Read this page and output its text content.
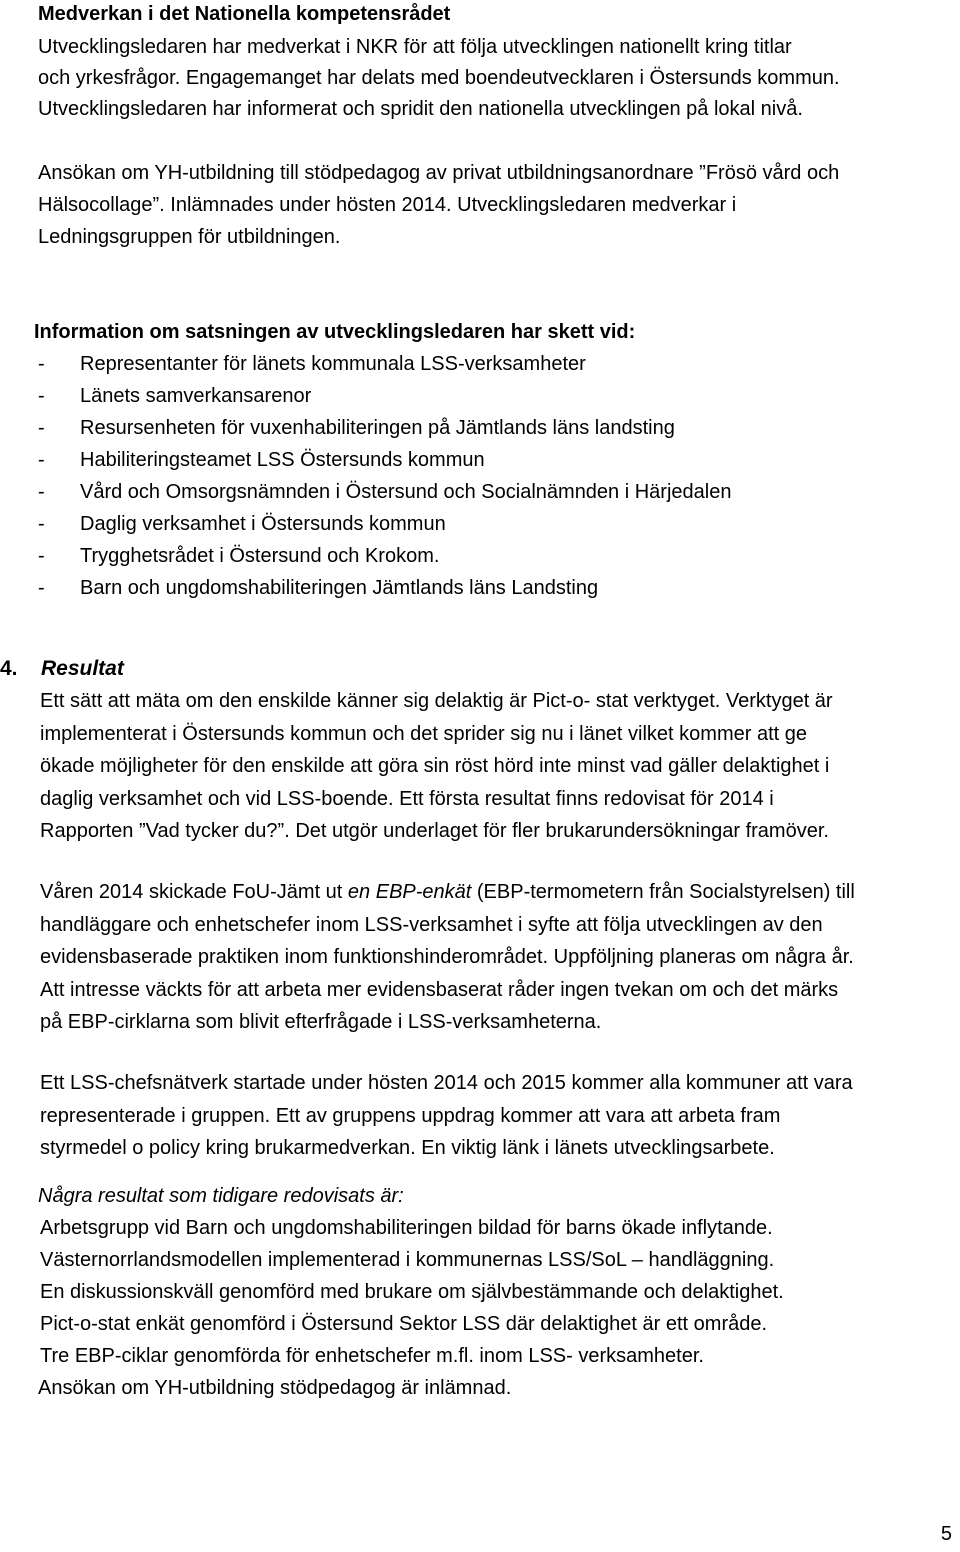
Medverkan i det Nationella kompetensrådet
Utvecklingsledaren har medverkat i NKR för att följa utvecklingen nationellt kring titlar
och yrkesfrågor. Engagemanget har delats med boendeutvecklaren i Östersunds kommun.
Utvecklingsledaren har informerat och spridit den nationella utvecklingen på lokal nivå.
Ansökan om YH-utbildning till stödpedagog av privat utbildningsanordnare ”Frösö vård och
Hälsocollage”. Inlämnades under hösten 2014. Utvecklingsledaren medverkar i
Ledningsgruppen för utbildningen.
Information om satsningen av utvecklingsledaren har skett vid:
- Representanter för länets kommunala LSS-verksamheter
- Länets samverkansarenor
- Resursenheten för vuxenhabiliteringen på Jämtlands läns landsting
- Habiliteringsteamet LSS Östersunds kommun
- Vård och Omsorgsnämnden i Östersund och Socialnämnden i Härjedalen
- Daglig verksamhet i Östersunds kommun
- Trygghetsrådet i Östersund och Krokom.
- Barn och ungdomshabiliteringen Jämtlands läns Landsting
4. Resultat
Ett sätt att mäta om den enskilde känner sig delaktig är Pict-o- stat verktyget. Verktyget är
implementerat i Östersunds kommun och det sprider sig nu i länet vilket kommer att ge
ökade möjligheter för den enskilde att göra sin röst hörd inte minst vad gäller delaktighet i
daglig verksamhet och vid LSS-boende. Ett första resultat finns redovisat för 2014 i
Rapporten ”Vad tycker du?”. Det utgör underlaget för fler brukarundersökningar framöver.
Våren 2014 skickade FoU-Jämt ut en EBP-enkät (EBP-termometern från Socialstyrelsen) till
handläggare och enhetschefer inom LSS-verksamhet i syfte att följa utvecklingen av den
evidensbaserade praktiken inom funktionshinderområdet. Uppföljning planeras om några år.
Att intresse väckts för att arbeta mer evidensbaserat råder ingen tvekan om och det märks
på EBP-cirklarna som blivit efterfrågade i LSS-verksamheterna.
Ett LSS-chefsnätverk startade under hösten 2014 och 2015 kommer alla kommuner att vara
representerade i gruppen. Ett av gruppens uppdrag kommer att vara att arbeta fram
styrmedel o policy kring brukarmedverkan. En viktig länk i länets utvecklingsarbete.
Några resultat som tidigare redovisats är:
Arbetsgrupp vid Barn och ungdomshabiliteringen bildad för barns ökade inflytande.
Västernorrlandsmodellen implementerad i kommunernas LSS/SoL – handläggning.
En diskussionskväll genomförd med brukare om självbestämmande och delaktighet.
Pict-o-stat enkät genomförd i Östersund Sektor LSS där delaktighet är ett område.
Tre EBP-ciklar genomförda för enhetschefer m.fl. inom LSS- verksamheter.
Ansökan om YH-utbildning stödpedagog är inlämnad.
5
